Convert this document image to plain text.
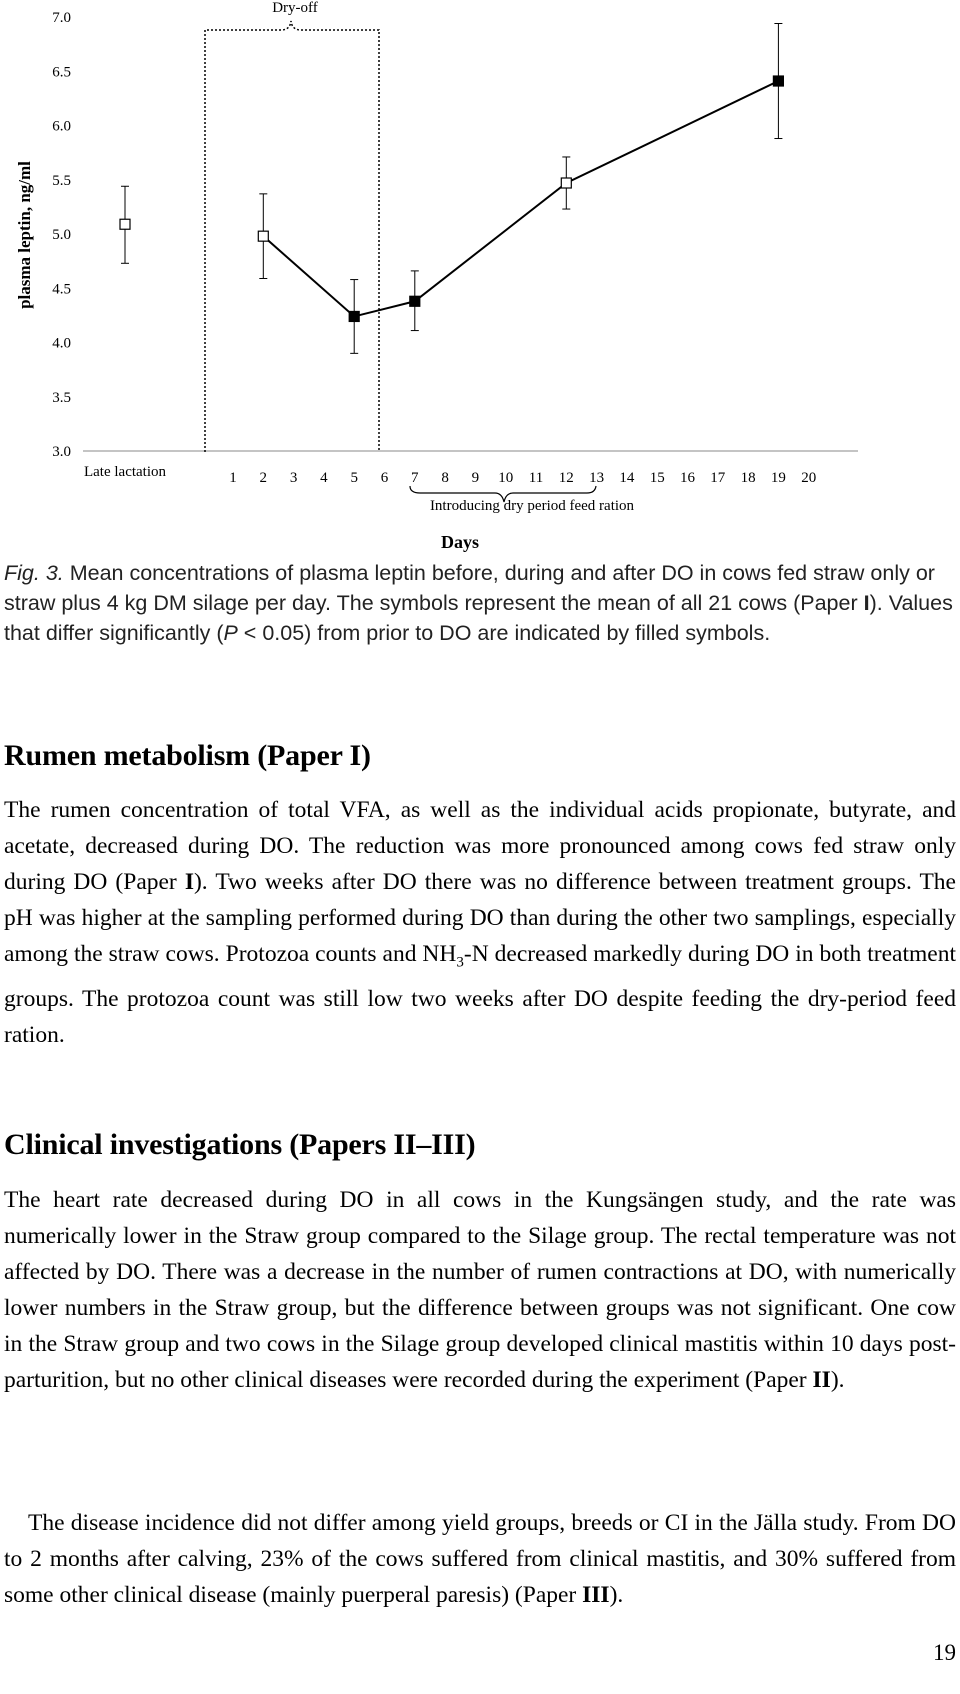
3.0
3.5
4.0
4.5
5.0
5.5
6.0
6.5
7.0
Late lactation	1 2 3 4 5 6 7 8 9 10 11 12 13 14 15 16 17 18 19 20
Dry-off
Introducing dry period feed ration
plasma leptin, ng/ml
Days
Fig. 3. Mean concentrations of plasma leptin before, during and after DO in cows fed straw only or straw plus 4 kg DM silage per day. The symbols represent the mean of all 21 cows (Paper I). Values that differ significantly (P < 0.05) from prior to DO are indicated by filled symbols.
Rumen metabolism (Paper I)

The rumen concentration of total VFA, as well as the individual acids propionate, butyrate, and acetate, decreased during DO. The reduction was more pronounced among cows fed straw only during DO (Paper I). Two weeks after DO there was no difference between treatment groups. The pH was higher at the sampling performed during DO than during the other two samplings, especially among the straw cows. Protozoa counts and $NH_3-N$ decreased markedly during DO in both treatment groups. The protozoa count was still low two weeks after DO despite feeding the dry-period feed ration.

Clinical investigations (Papers II–III)

The heart rate decreased during DO in all cows in the Kungsängen study, and the rate was numerically lower in the Straw group compared to the Silage group. The rectal temperature was not affected by DO. There was a decrease in the number of rumen contractions at DO, with numerically lower numbers in the Straw group, but the difference between groups was not significant. One cow in the Straw group and two cows in the Silage group developed clinical mastitis within 10 days post-parturition, but no other clinical diseases were recorded during the experiment (Paper II).

The disease incidence did not differ among yield groups, breeds or CI in the Jälla study. From DO to 2 months after calving, 23% of the cows suffered from clinical mastitis, and 30% suffered from some other clinical disease (mainly puerperal paresis) (Paper III).

19
